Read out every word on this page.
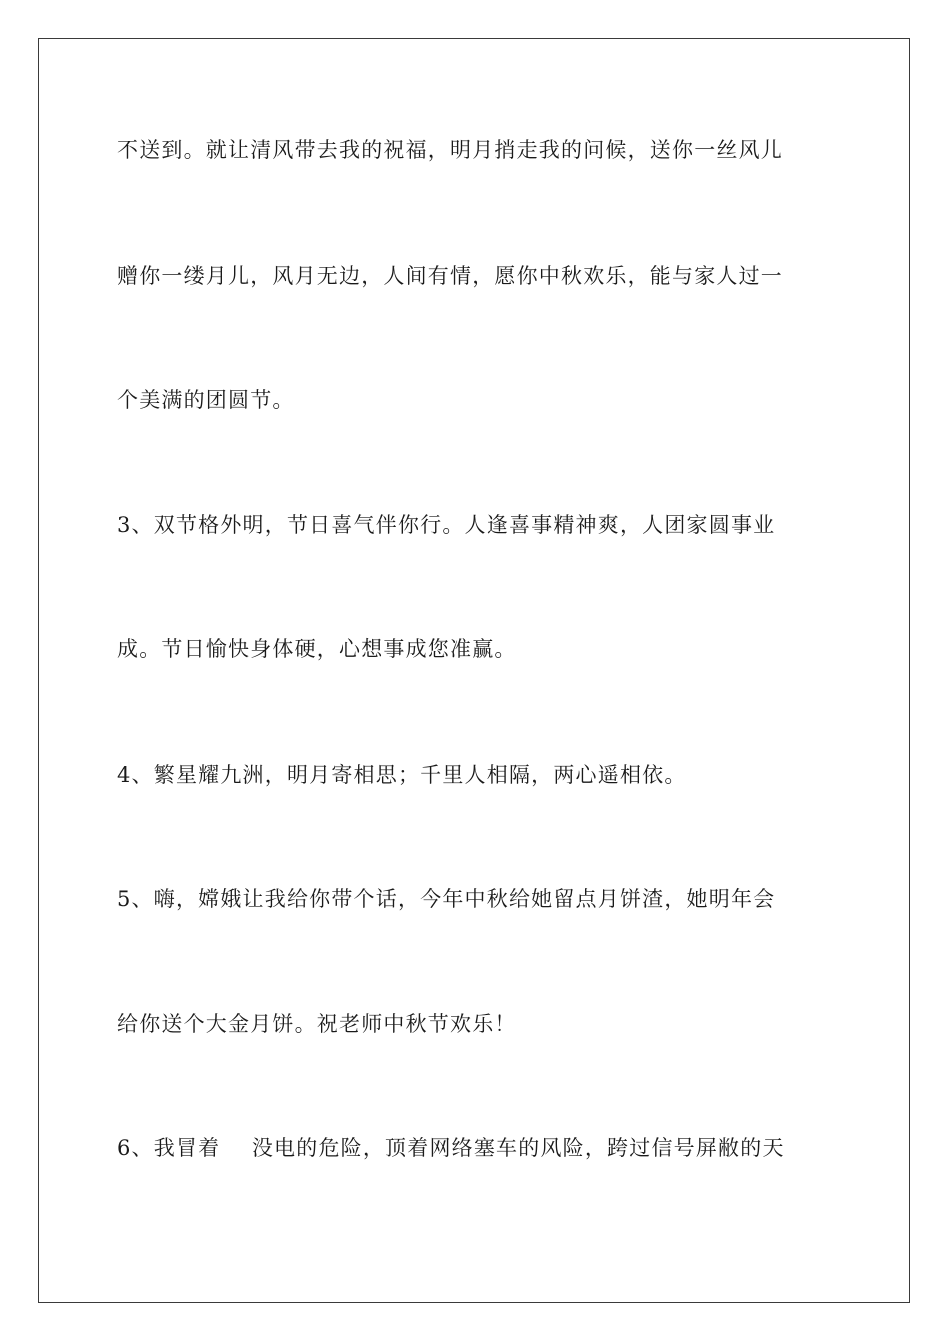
不送到。就让清风带去我的祝福，明月捎走我的问候，送你一丝风儿
赠你一缕月儿，风月无边，人间有情，愿你中秋欢乐，能与家人过一
个美满的团圆节。
3、双节格外明，节日喜气伴你行。人逢喜事精神爽，人团家圆事业
成。节日愉快身体硬，心想事成您准赢。
4、繁星耀九洲，明月寄相思；千里人相隔，两心遥相依。
5、嗨，嫦娥让我给你带个话，今年中秋给她留点月饼渣，她明年会
给你送个大金月饼。祝老师中秋节欢乐！
6、我冒着    没电的危险，顶着网络塞车的风险，跨过信号屏敝的天
